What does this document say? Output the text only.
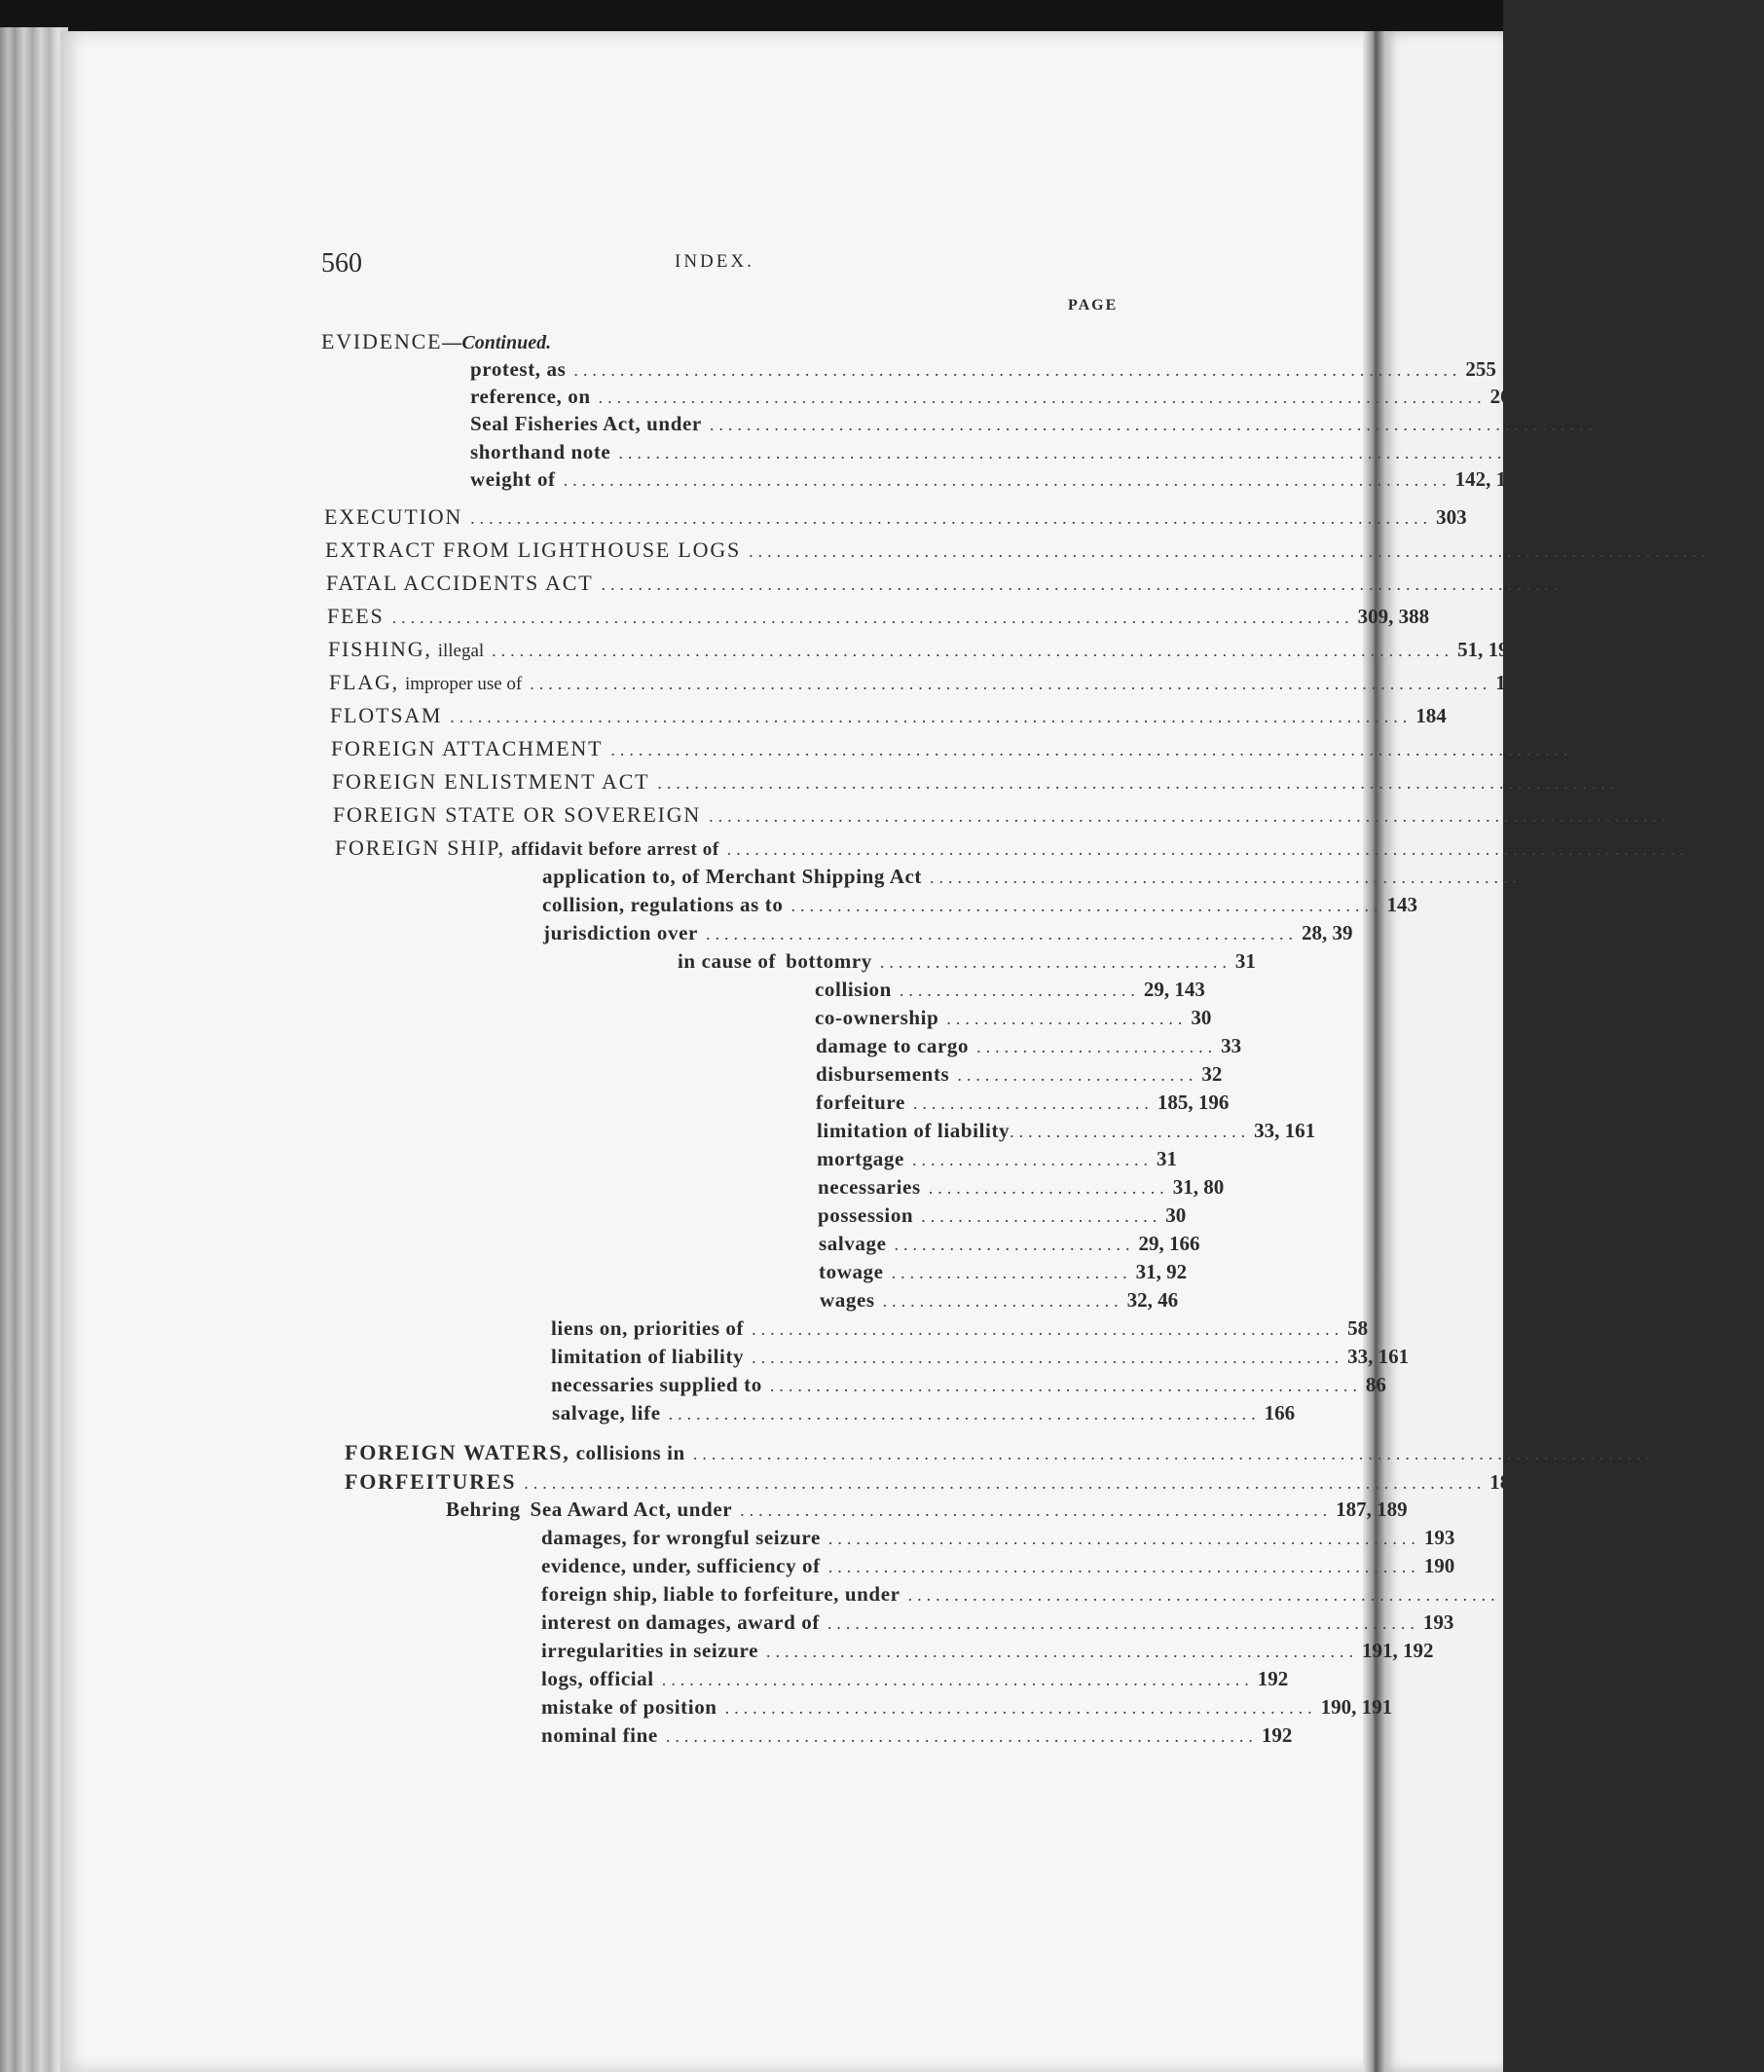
560	INDEX.
PAGE
EVIDENCE —Continued.
protest, as ................................................................................................ 255
reference, on ................................................................................................ 269
Seal Fisheries Act, under ................................................................................................ 191
shorthand note ................................................................................................ 260
weight of ................................................................................................ 142, 149, 256
EXECUTION ........................................................................................................ 303
EXTRACT FROM LIGHTHOUSE LOGS ........................................................................................................ 255
FATAL ACCIDENTS ACT ........................................................................................................ 115, 264
FEES ........................................................................................................ 309, 388
FISHING, illegal ........................................................................................................ 51, 193
FLAG, improper use of ........................................................................................................ 197
FLOTSAM ........................................................................................................ 184
FOREIGN ATTACHMENT ........................................................................................................ 12, 20
FOREIGN ENLISTMENT ACT ........................................................................................................ 198
FOREIGN STATE OR SOVEREIGN ........................................................................................................ 15
FOREIGN SHIP, affidavit before arrest of ........................................................................................................ 228, 229
application to, of Merchant Shipping Act ................................................................ 54
collision, regulations as to ................................................................ 143
jurisdiction over ................................................................ 28, 39
in cause of bottomry ...................................... 31
collision .......................... 29, 143
co-ownership .......................... 30
damage to cargo .......................... 33
disbursements .......................... 32
forfeiture .......................... 185, 196
limitation of liability .......................... 33, 161
mortgage .......................... 31
necessaries .......................... 31, 80
possession .......................... 30
salvage .......................... 29, 166
towage .......................... 31, 92
wages .......................... 32, 46
liens on, priorities of ................................................................ 58
limitation of liability ................................................................ 33, 161
necessaries supplied to ................................................................ 86
salvage, life ................................................................ 166
FOREIGN WATERS, collisions in ........................................................................................................ 29
FORFEITURES ........................................................................................................ 186
Behring Sea Award Act, under ................................................................ 187, 189
damages, for wrongful seizure ................................................................ 193
evidence, under, sufficiency of ................................................................ 190
foreign ship, liable to forfeiture, under ................................................................ 190
interest on damages, award of ................................................................ 193
irregularities in seizure ................................................................ 191, 192
logs, official ................................................................ 192
mistake of position ................................................................ 190, 191
nominal fine ................................................................ 192
